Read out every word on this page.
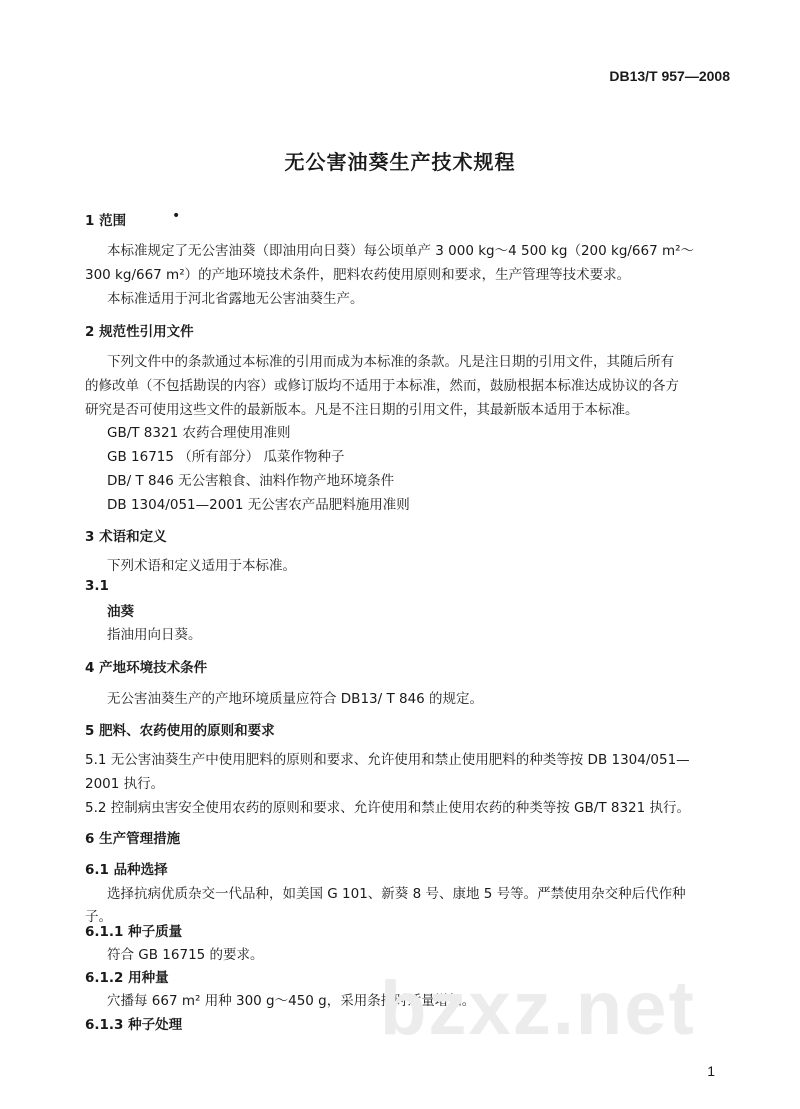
DB13/T 957—2008
无公害油葵生产技术规程
1 范围	•
本标准规定了无公害油葵（即油用向日葵）每公顷单产 3 000 kg～4 500 kg（200 kg/667 m²～
300 kg/667 m²）的产地环境技术条件，肥料农药使用原则和要求，生产管理等技术要求。
本标准适用于河北省露地无公害油葵生产。
2 规范性引用文件
下列文件中的条款通过本标准的引用而成为本标准的条款。凡是注日期的引用文件，其随后所有
的修改单（不包括勘误的内容）或修订版均不适用于本标准，然而，鼓励根据本标准达成协议的各方
研究是否可使用这些文件的最新版本。凡是不注日期的引用文件，其最新版本适用于本标准。
GB/T 8321 农药合理使用准则
GB 16715 （所有部分） 瓜菜作物种子
DB/ T 846 无公害粮食、油料作物产地环境条件
DB 1304/051—2001 无公害农产品肥料施用准则
3 术语和定义
下列术语和定义适用于本标准。
3.1
油葵
指油用向日葵。
4 产地环境技术条件
无公害油葵生产的产地环境质量应符合 DB13/ T 846 的规定。
5 肥料、农药使用的原则和要求
5.1 无公害油葵生产中使用肥料的原则和要求、允许使用和禁止使用肥料的种类等按 DB 1304/051—
2001 执行。
5.2 控制病虫害安全使用农药的原则和要求、允许使用和禁止使用农药的种类等按 GB/T 8321 执行。
6 生产管理措施
6.1 品种选择
选择抗病优质杂交一代品种，如美国 G 101、新葵 8 号、康地 5 号等。严禁使用杂交种后代作种
子。
6.1.1 种子质量
符合 GB 16715 的要求。
6.1.2 用种量
穴播每 667 m² 用种 300 g～450 g，采用条播时适量增加。
6.1.3 种子处理	bzxz.net
1
